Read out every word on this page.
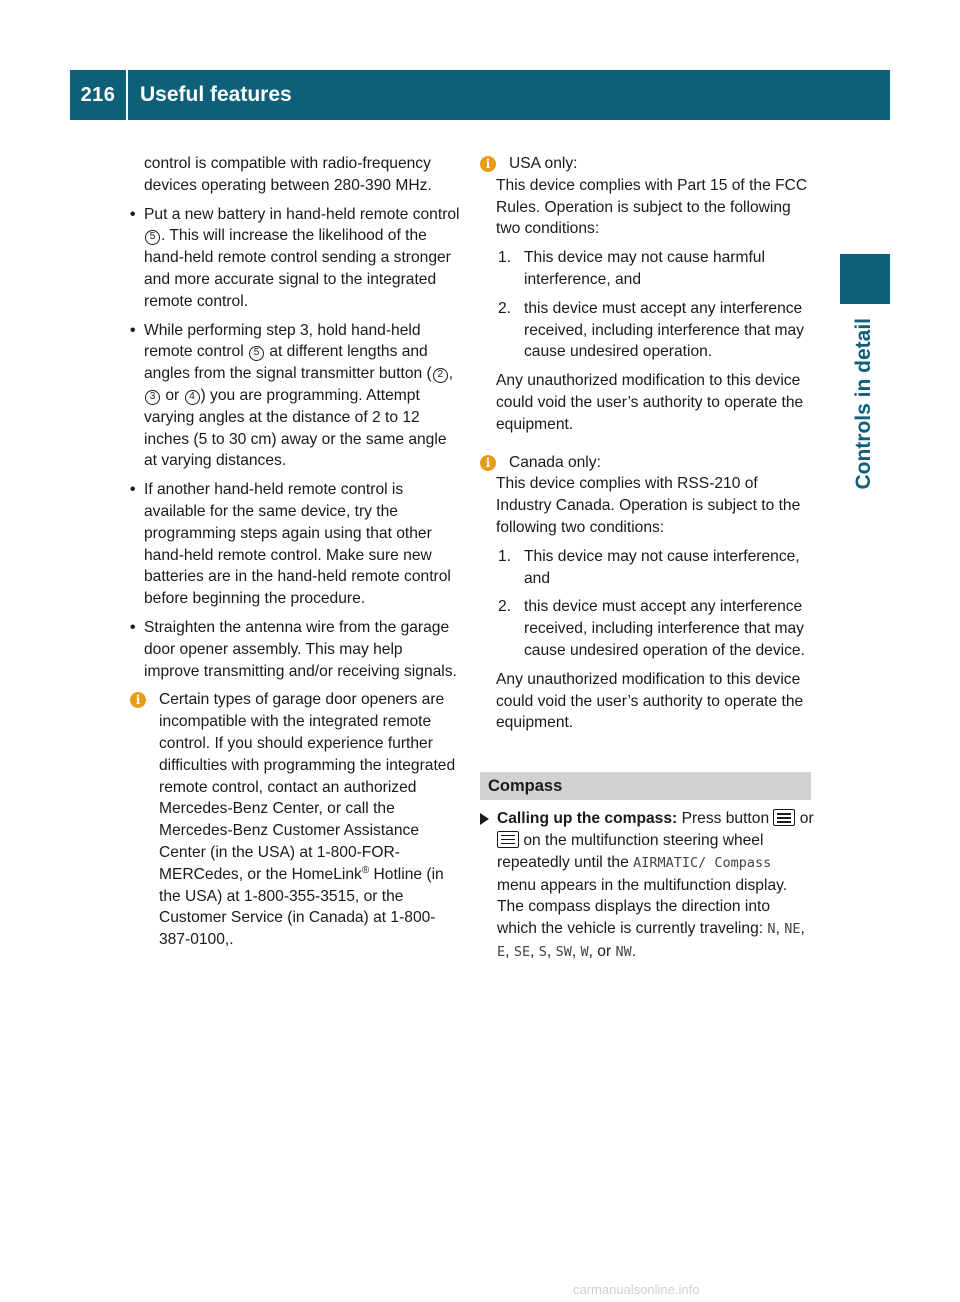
216	Useful features
Controls in detail

control is compatible with radio-frequency
devices operating between 280-390 MHz.

• Put a new battery in hand-held remote control 5 . This will increase the likelihood of the hand-held remote control sending a stronger and more accurate signal to the integrated remote control.
• While performing step 3, hold hand-held remote control 5 at different lengths and angles from the signal transmitter button ( 2 , 3 or 4 ) you are programming. Attempt varying angles at the distance of 2 to 12 inches (5 to 30 cm) away or the same angle at varying distances.
• If another hand-held remote control is available for the same device, try the programming steps again using that other hand-held remote control. Make sure new batteries are in the hand-held remote control before beginning the procedure.
• Straighten the antenna wire from the garage door opener assembly. This may help improve transmitting and/or receiving signals.
i	Certain types of garage door openers are incompatible with the integrated remote control. If you should experience further difficulties with programming the integrated remote control, contact an authorized Mercedes-Benz Center, or call the Mercedes-Benz Customer Assistance Center (in the USA) at 1-800-FOR-MERCedes, or the HomeLink® Hotline (in the USA) at 1-800-355-3515, or the Customer Service (in Canada) at 1-800-387-0100,.
i	USA only:

This device complies with Part 15 of the FCC Rules. Operation is subject to the following two conditions:

1. This device may not cause harmful interference, and
2. this device must accept any interference received, including interference that may cause undesired operation.

Any unauthorized modification to this device could void the user’s authority to operate the equipment.

i	Canada only:

This device complies with RSS-210 of Industry Canada. Operation is subject to the following two conditions:

1. This device may not cause interference, and
2. this device must accept any interference received, including interference that may cause undesired operation of the device.

Any unauthorized modification to this device could void the user’s authority to operate the equipment.

Compass
Calling up the compass: Press button  or  on the multifunction steering wheel repeatedly until the AIRMATIC/ Compass menu appears in the multifunction display.
The compass displays the direction into which the vehicle is currently traveling: N, NE, E, SE, S, SW, W, or NW.
carmanualsonline.info
